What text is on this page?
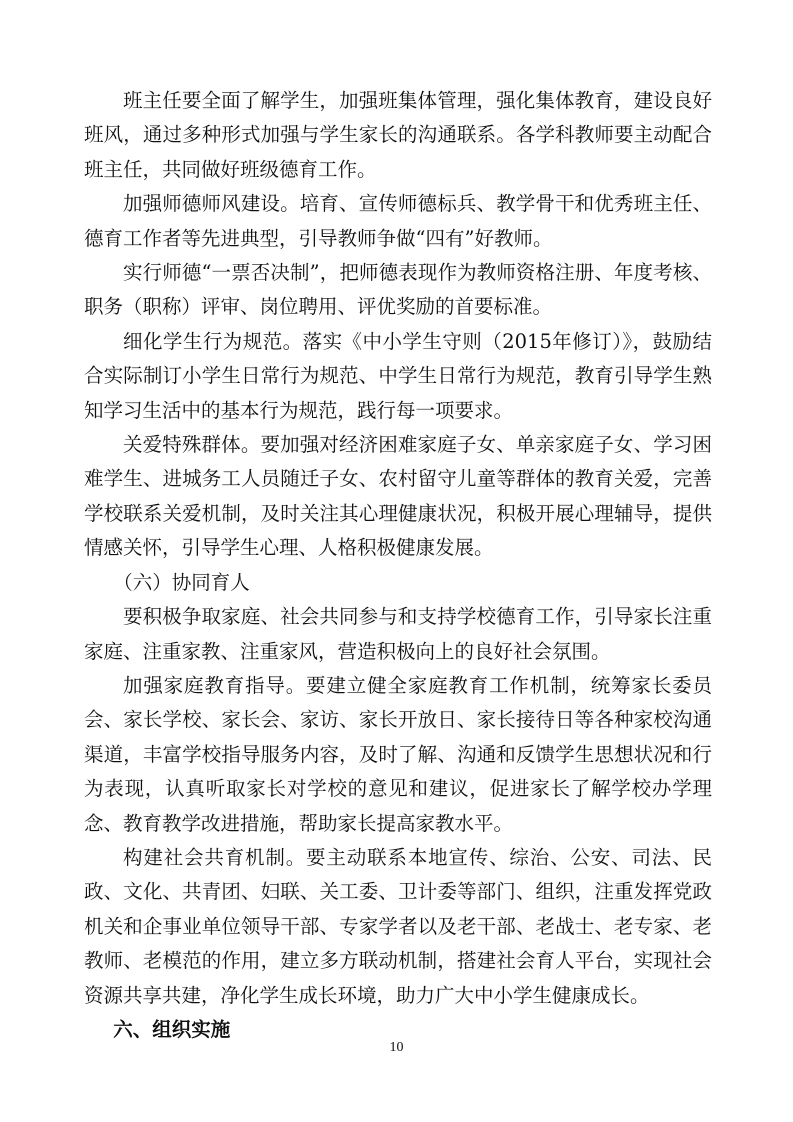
班主任要全面了解学生，加强班集体管理，强化集体教育，建设良好班风，通过多种形式加强与学生家长的沟通联系。各学科教师要主动配合班主任，共同做好班级德育工作。

加强师德师风建设。培育、宣传师德标兵、教学骨干和优秀班主任、德育工作者等先进典型，引导教师争做“四有”好教师。

实行师德“一票否决制”，把师德表现作为教师资格注册、年度考核、职务（职称）评审、岗位聘用、评优奖励的首要标准。

细化学生行为规范。落实《中小学生守则（2015年修订）》，鼓励结合实际制订小学生日常行为规范、中学生日常行为规范，教育引导学生熟知学习生活中的基本行为规范，践行每一项要求。

关爱特殊群体。要加强对经济困难家庭子女、单亲家庭子女、学习困难学生、进城务工人员随迁子女、农村留守儿童等群体的教育关爱，完善学校联系关爱机制，及时关注其心理健康状况，积极开展心理辅导，提供情感关怀，引导学生心理、人格积极健康发展。

（六）协同育人

要积极争取家庭、社会共同参与和支持学校德育工作，引导家长注重家庭、注重家教、注重家风，营造积极向上的良好社会氛围。

加强家庭教育指导。要建立健全家庭教育工作机制，统筹家长委员会、家长学校、家长会、家访、家长开放日、家长接待日等各种家校沟通渠道，丰富学校指导服务内容，及时了解、沟通和反馈学生思想状况和行为表现，认真听取家长对学校的意见和建议，促进家长了解学校办学理念、教育教学改进措施，帮助家长提高家教水平。

构建社会共育机制。要主动联系本地宣传、综治、公安、司法、民政、文化、共青团、妇联、关工委、卫计委等部门、组织，注重发挥党政机关和企事业单位领导干部、专家学者以及老干部、老战士、老专家、老教师、老模范的作用，建立多方联动机制，搭建社会育人平台，实现社会资源共享共建，净化学生成长环境，助力广大中小学生健康成长。

六、组织实施

10
